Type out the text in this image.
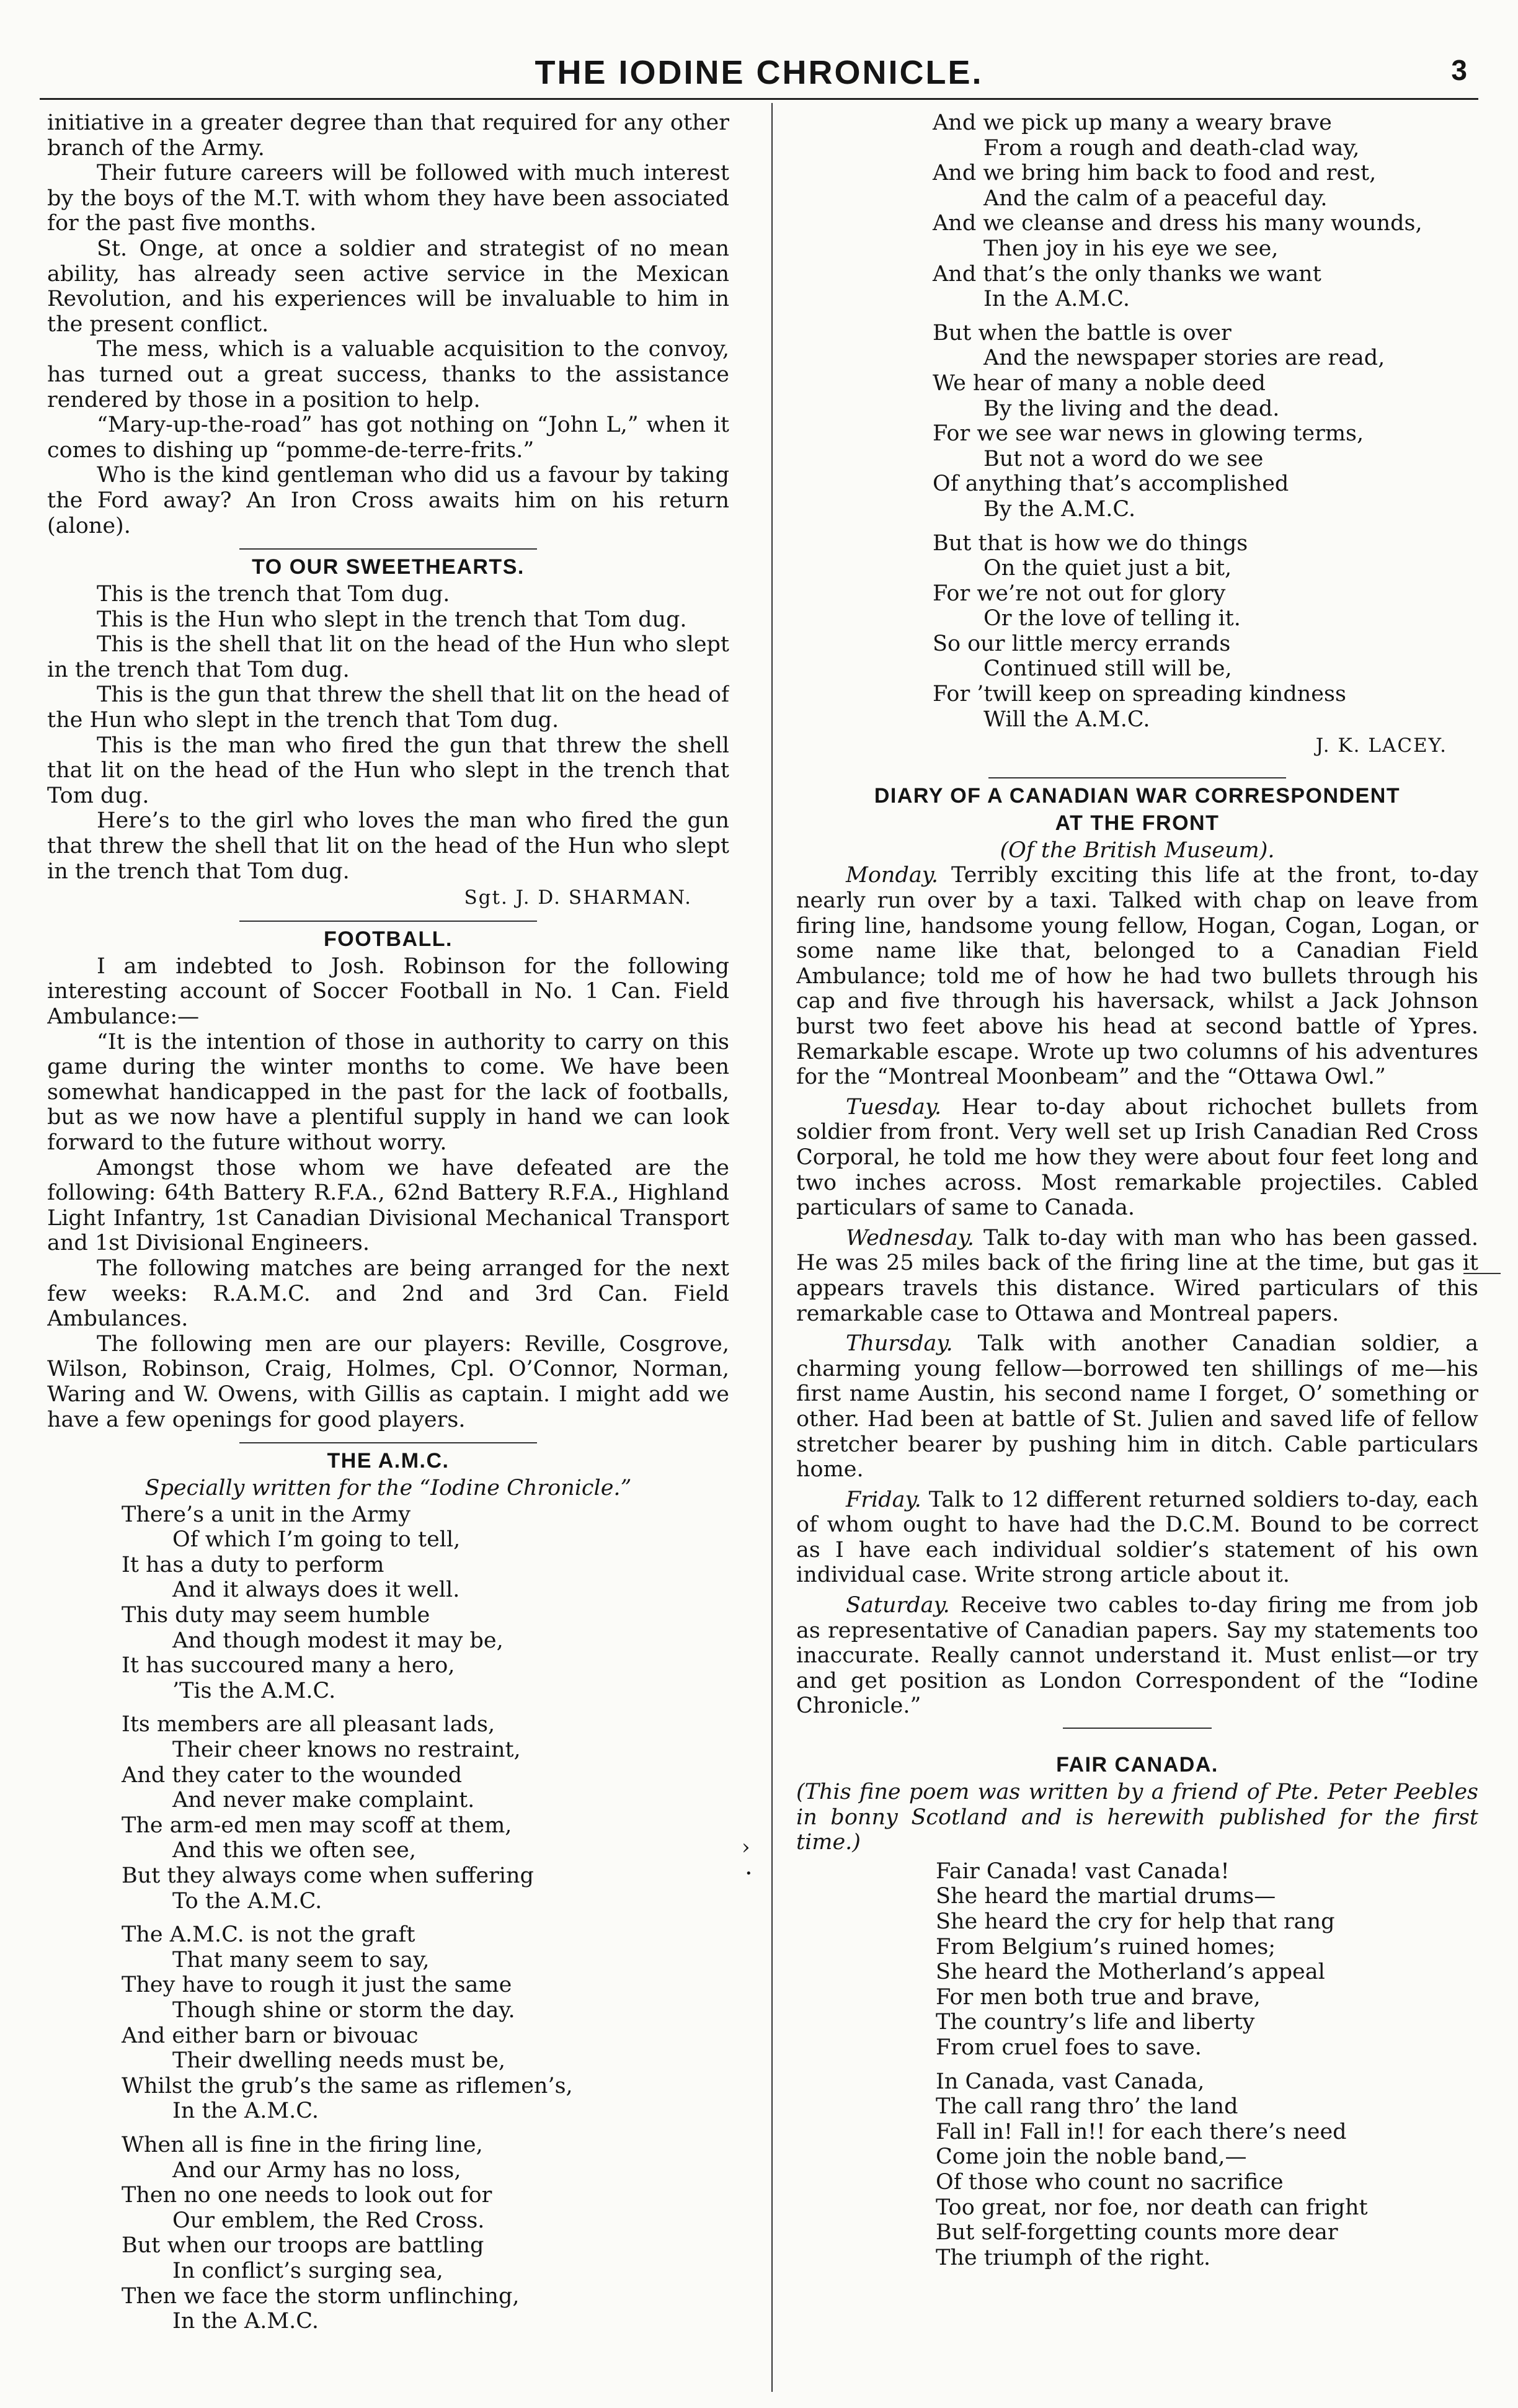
THE IODINE CHRONICLE.	3
›
•

initiative in a greater degree than that required for any other branch of the Army.

Their future careers will be followed with much interest by the boys of the M.T. with whom they have been associated for the past five months.

St. Onge, at once a soldier and strategist of no mean ability, has already seen active service in the Mexican Revolution, and his experiences will be invaluable to him in the present conflict.

The mess, which is a valuable acquisition to the convoy, has turned out a great success, thanks to the assistance rendered by those in a position to help.

“Mary-up-the-road” has got nothing on “John L,” when it comes to dishing up “pomme-de-terre-frits.”

Who is the kind gentleman who did us a favour by taking the Ford away? An Iron Cross awaits him on his return (alone).

TO OUR SWEETHEARTS.

This is the trench that Tom dug.

This is the Hun who slept in the trench that Tom dug.

This is the shell that lit on the head of the Hun who slept in the trench that Tom dug.

This is the gun that threw the shell that lit on the head of the Hun who slept in the trench that Tom dug.

This is the man who fired the gun that threw the shell that lit on the head of the Hun who slept in the trench that Tom dug.

Here’s to the girl who loves the man who fired the gun that threw the shell that lit on the head of the Hun who slept in the trench that Tom dug.

Sgt. J. D. SHARMAN.
FOOTBALL.

I am indebted to Josh. Robinson for the following interesting account of Soccer Football in No. 1 Can. Field Ambulance:—

“It is the intention of those in authority to carry on this game during the winter months to come. We have been somewhat handicapped in the past for the lack of footballs, but as we now have a plentiful supply in hand we can look forward to the future without worry.

Amongst those whom we have defeated are the following: 64th Battery R.F.A., 62nd Battery R.F.A., Highland Light Infantry, 1st Canadian Divisional Mechanical Transport and 1st Divisional Engineers.

The following matches are being arranged for the next few weeks: R.A.M.C. and 2nd and 3rd Can. Field Ambulances.

The following men are our players: Reville, Cosgrove, Wilson, Robinson, Craig, Holmes, Cpl. O’Connor, Norman, Waring and W. Owens, with Gillis as captain. I might add we have a few openings for good players.

THE A.M.C.

Specially written for the “Iodine Chronicle.”

There’s a unit in the Army
Of which I’m going to tell,
It has a duty to perform
And it always does it well.
This duty may seem humble
And though modest it may be,
It has succoured many a hero,
’Tis the A.M.C.
Its members are all pleasant lads,
Their cheer knows no restraint,
And they cater to the wounded
And never make complaint.
The arm-ed men may scoff at them,
And this we often see,
But they always come when suffering
To the A.M.C.
The A.M.C. is not the graft
That many seem to say,
They have to rough it just the same
Though shine or storm the day.
And either barn or bivouac
Their dwelling needs must be,
Whilst the grub’s the same as riflemen’s,
In the A.M.C.
When all is fine in the firing line,
And our Army has no loss,
Then no one needs to look out for
Our emblem, the Red Cross.
But when our troops are battling
In conflict’s surging sea,
Then we face the storm unflinching,
In the A.M.C.
And we pick up many a weary brave
From a rough and death-clad way,
And we bring him back to food and rest,
And the calm of a peaceful day.
And we cleanse and dress his many wounds,
Then joy in his eye we see,
And that’s the only thanks we want
In the A.M.C.
But when the battle is over
And the newspaper stories are read,
We hear of many a noble deed
By the living and the dead.
For we see war news in glowing terms,
But not a word do we see
Of anything that’s accomplished
By the A.M.C.
But that is how we do things
On the quiet just a bit,
For we’re not out for glory
Or the love of telling it.
So our little mercy errands
Continued still will be,
For ’twill keep on spreading kindness
Will the A.M.C.
J. K. LACEY.
DIARY OF A CANADIAN WAR CORRESPONDENT
AT THE FRONT

(Of the British Museum).

Monday. Terribly exciting this life at the front, to-day nearly run over by a taxi. Talked with chap on leave from firing line, handsome young fellow, Hogan, Cogan, Logan, or some name like that, belonged to a Canadian Field Ambulance; told me of how he had two bullets through his cap and five through his haversack, whilst a Jack Johnson burst two feet above his head at second battle of Ypres. Remarkable escape. Wrote up two columns of his adventures for the “Montreal Moonbeam” and the “Ottawa Owl.”

Tuesday. Hear to-day about richochet bullets from soldier from front. Very well set up Irish Canadian Red Cross Corporal, he told me how they were about four feet long and two inches across. Most remarkable projectiles. Cabled particulars of same to Canada.

Wednesday. Talk to-day with man who has been gassed. He was 25 miles back of the firing line at the time, but gas it appears travels this distance. Wired particulars of this remarkable case to Ottawa and Montreal papers.

Thursday. Talk with another Canadian soldier, a charming young fellow—borrowed ten shillings of me—his first name Austin, his second name I forget, O’ something or other. Had been at battle of St. Julien and saved life of fellow stretcher bearer by pushing him in ditch. Cable particulars home.

Friday. Talk to 12 different returned soldiers to-day, each of whom ought to have had the D.C.M. Bound to be correct as I have each individual soldier’s statement of his own individual case. Write strong article about it.

Saturday. Receive two cables to-day firing me from job as representative of Canadian papers. Say my statements too inaccurate. Really cannot understand it. Must enlist—or try and get position as London Correspondent of the “Iodine Chronicle.”

FAIR CANADA.

(This fine poem was written by a friend of Pte. Peter Peebles in bonny Scotland and is herewith published for the first time.)

Fair Canada! vast Canada!
She heard the martial drums—
She heard the cry for help that rang
From Belgium’s ruined homes;
She heard the Motherland’s appeal
For men both true and brave,
The country’s life and liberty
From cruel foes to save.
In Canada, vast Canada,
The call rang thro’ the land
Fall in! Fall in!! for each there’s need
Come join the noble band,—
Of those who count no sacrifice
Too great, nor foe, nor death can fright
But self-forgetting counts more dear
The triumph of the right.
